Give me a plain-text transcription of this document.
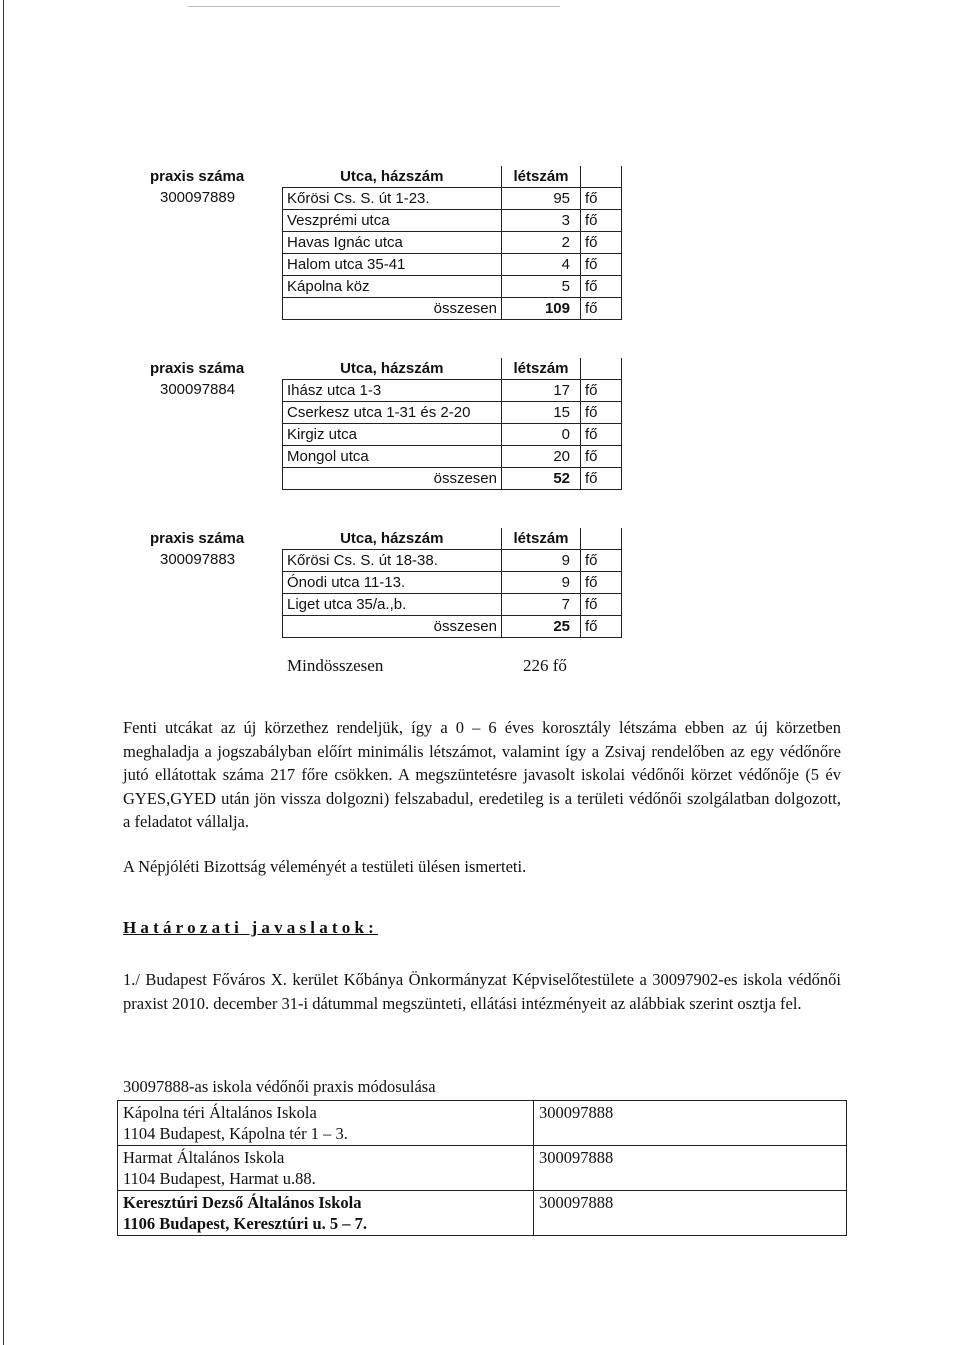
praxis száma
300097889
Utca, házszám	létszám	
Kőrösi Cs. S. út 1-23.	95	fő
Veszprémi utca	3	fő
Havas Ignác utca	2	fő
Halom utca 35-41	4	fő
Kápolna köz	5	fő
összesen	109	fő
praxis száma
300097884
Utca, házszám	létszám	
Ihász utca 1-3	17	fő
Cserkesz utca 1-31 és 2-20	15	fő
Kirgiz utca	0	fő
Mongol utca	20	fő
összesen	52	fő
praxis száma
300097883
Utca, házszám	létszám	
Kőrösi Cs. S. út 18-38.	9	fő
Ónodi utca 11-13.	9	fő
Liget utca 35/a.,b.	7	fő
összesen	25	fő
Mindösszesen	226 fő

Fenti utcákat az új körzethez rendeljük, így a 0 – 6 éves korosztály létszáma ebben az új körzetben meghaladja a jogszabályban előírt minimális létszámot, valamint így a Zsivaj rendelőben az egy védőnőre jutó ellátottak száma 217 főre csökken. A megszüntetésre javasolt iskolai védőnői körzet védőnője (5 év GYES,GYED után jön vissza dolgozni) felszabadul, eredetileg is a területi védőnői szolgálatban dolgozott, a feladatot vállalja.

A Népjóléti Bizottság véleményét a testületi ülésen ismerteti.

Határozati javaslatok:

1./ Budapest Főváros X. kerület Kőbánya Önkormányzat Képviselőtestülete a 30097902-es iskola védőnői praxist 2010. december 31-i dátummal megszünteti, ellátási intézményeit az alábbiak szerint osztja fel.

30097888-as iskola védőnői praxis módosulása
Kápolna téri Általános Iskola
1104 Budapest, Kápolna tér 1 – 3.	300097888

Harmat Általános Iskola
1104 Budapest, Harmat u.88.	300097888

Keresztúri Dezső Általános Iskola
1106 Budapest, Keresztúri u. 5 – 7.	300097888
